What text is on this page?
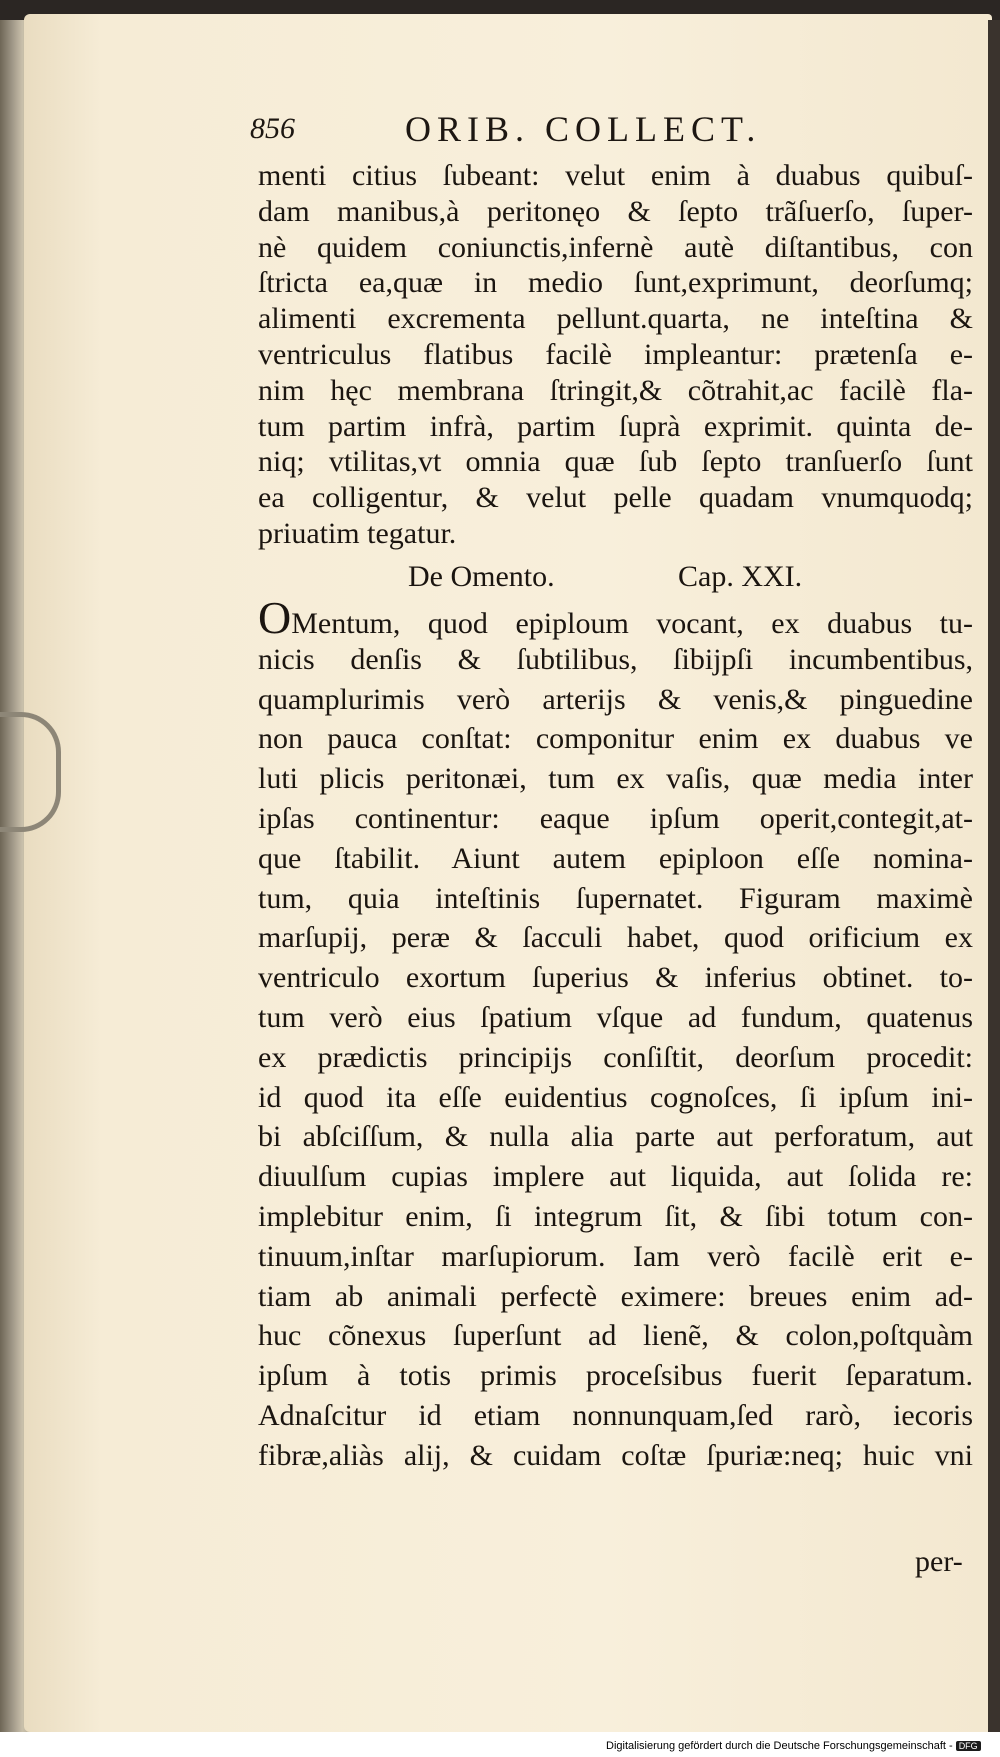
856	ORIB. COLLECT.
menti citius ſubeant: velut enim à duabus quibuſ-
dam manibus,à peritonęo & ſepto trãſuerſo, ſuper-
nè quidem coniunctis,infernè autè diſtantibus, con
ſtricta ea,quæ in medio ſunt,exprimunt, deorſumq;
alimenti excrementa pellunt.quarta, ne inteſtina &
ventriculus flatibus facilè impleantur: prætenſa e-
nim hęc membrana ſtringit,& cõtrahit,ac facilè fla-
tum partim infrà, partim ſuprà exprimit. quinta de-
niq; vtilitas,vt omnia quæ ſub ſepto tranſuerſo ſunt
ea colligentur, & velut pelle quadam vnumquodq;
priuatim tegatur.
De Omento.	Cap. XXI.
OMentum, quod epiploum vocant, ex duabus tu-
nicis denſis & ſubtilibus, ſibijpſi incumbentibus,
quamplurimis verò arterijs & venis,& pinguedine
non pauca conſtat: componitur enim ex duabus ve
luti plicis peritonæi, tum ex vaſis, quæ media inter
ipſas continentur: eaque ipſum operit,contegit,at-
que ſtabilit. Aiunt autem epiploon eſſe nomina-
tum, quia inteſtinis ſupernatet. Figuram maximè
marſupij, peræ & ſacculi habet, quod orificium ex
ventriculo exortum ſuperius & inferius obtinet. to-
tum verò eius ſpatium vſque ad fundum, quatenus
ex prædictis principijs conſiſtit, deorſum procedit:
id quod ita eſſe euidentius cognoſces, ſi ipſum ini-
bi abſciſſum, & nulla alia parte aut perforatum, aut
diuulſum cupias implere aut liquida, aut ſolida re:
implebitur enim, ſi integrum ſit, & ſibi totum con-
tinuum,inſtar marſupiorum. Iam verò facilè erit e-
tiam ab animali perfectè eximere: breues enim ad-
huc cõnexus ſuperſunt ad lienẽ, & colon,poſtquàm
ipſum à totis primis proceſsibus fuerit ſeparatum.
Adnaſcitur id etiam nonnunquam,ſed rarò, iecoris
fibræ,aliàs alij, & cuidam coſtæ ſpuriæ:neq; huic vni
per-
Digitalisierung gefördert durch die Deutsche Forschungsgemeinschaft - DFG
